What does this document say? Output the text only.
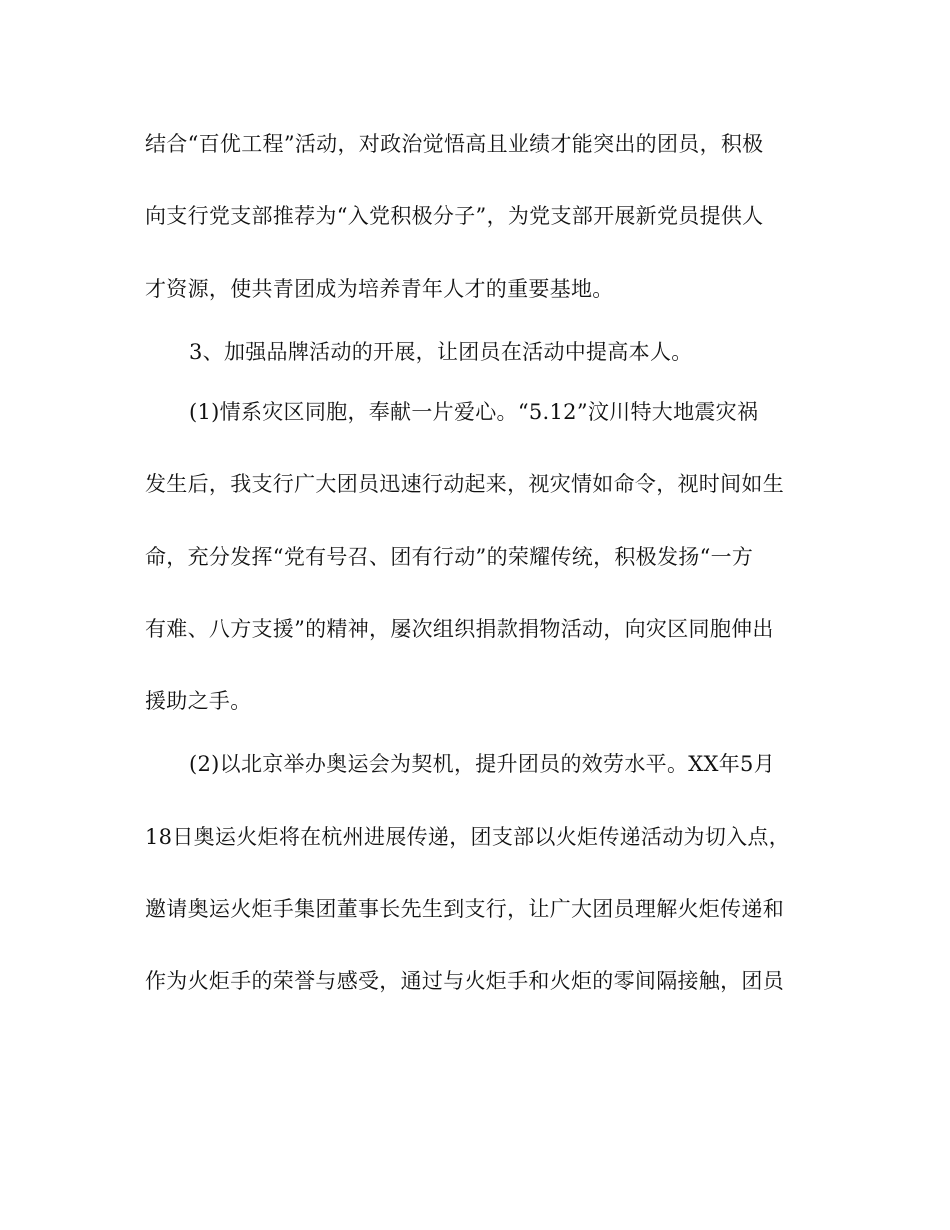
结合“百优工程”活动，对政治觉悟高且业绩才能突出的团员，积极
向支行党支部推荐为“入党积极分子”，为党支部开展新党员提供人
才资源，使共青团成为培养青年人才的重要基地。
3、加强品牌活动的开展，让团员在活动中提高本人。
(1)情系灾区同胞，奉献一片爱心。“5.12”汶川特大地震灾祸
发生后，我支行广大团员迅速行动起来，视灾情如命令，视时间如生
命，充分发挥“党有号召、团有行动”的荣耀传统，积极发扬“一方
有难、八方支援”的精神，屡次组织捐款捐物活动，向灾区同胞伸出
援助之手。
(2)以北京举办奥运会为契机，提升团员的效劳水平。XX年5月
18日奥运火炬将在杭州进展传递，团支部以火炬传递活动为切入点，
邀请奥运火炬手集团董事长先生到支行，让广大团员理解火炬传递和
作为火炬手的荣誉与感受，通过与火炬手和火炬的零间隔接触，团员
